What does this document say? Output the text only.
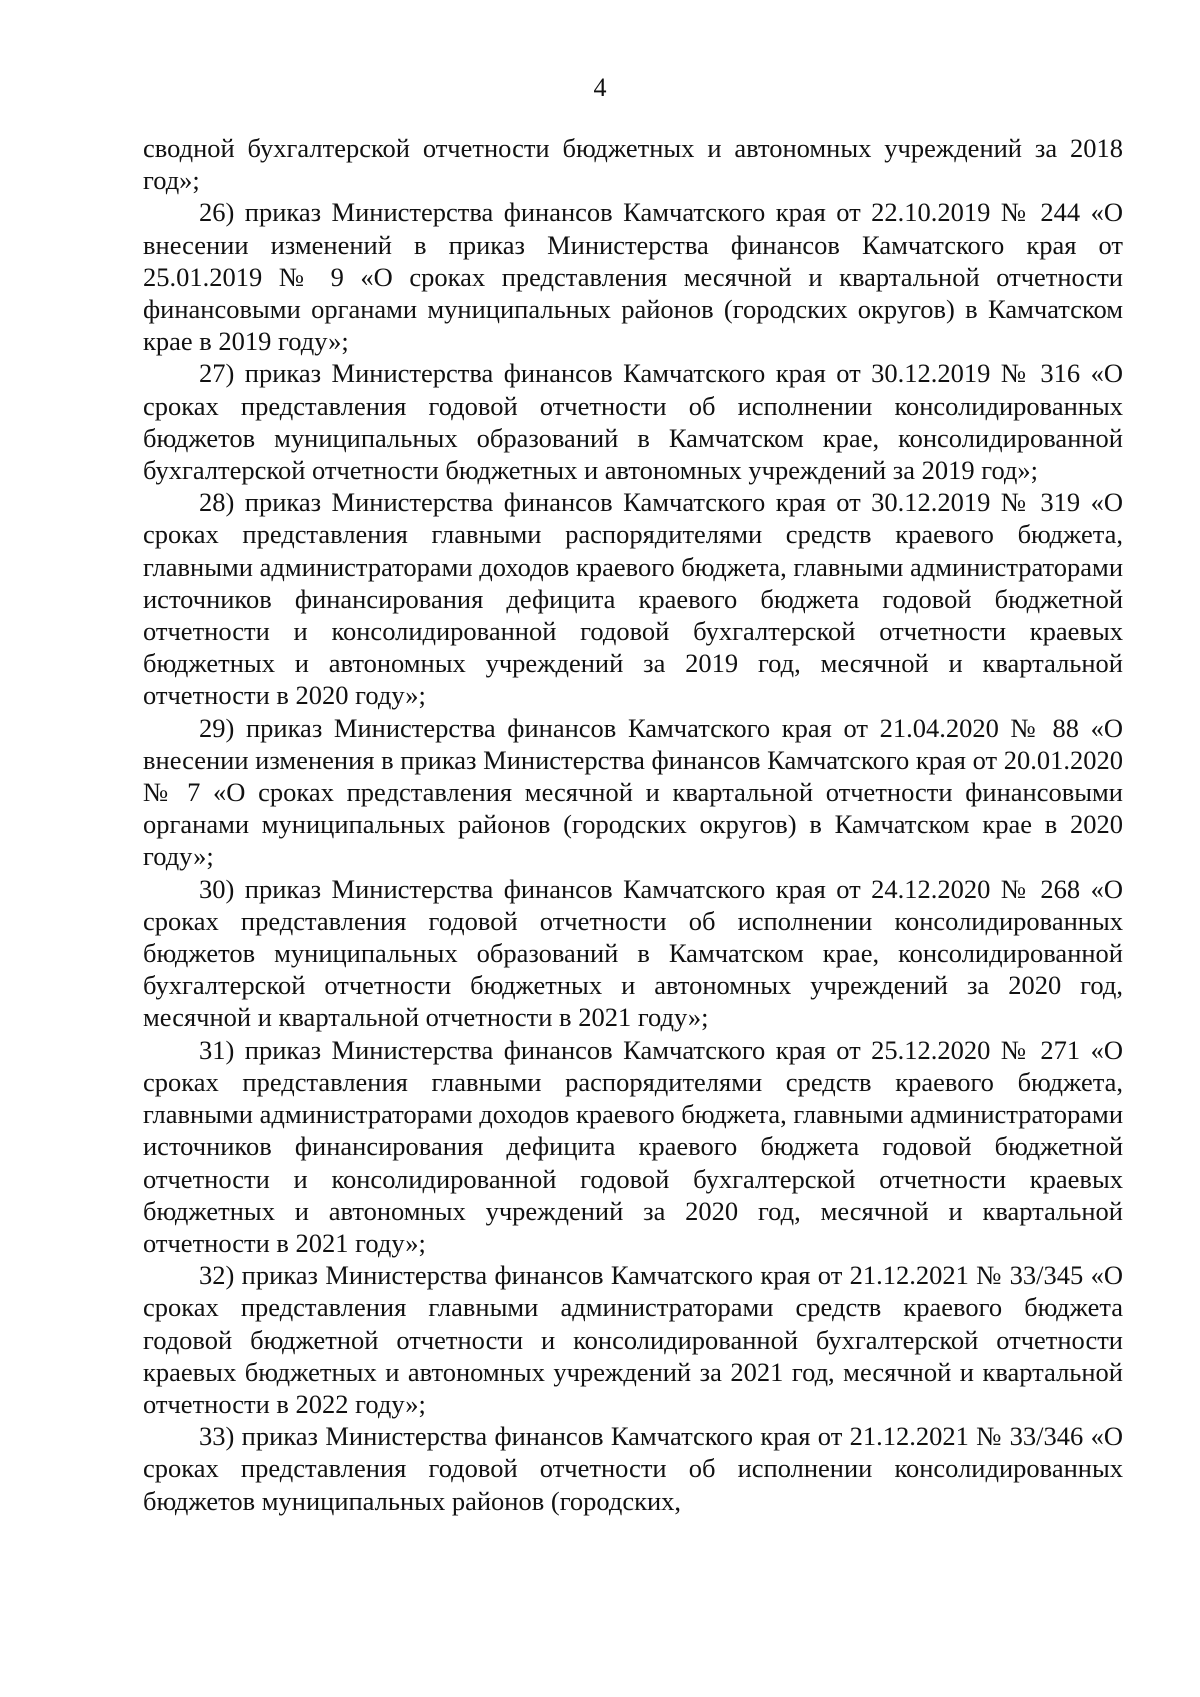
4

сводной бухгалтерской отчетности бюджетных и автономных учреждений за 2018 год»;

26) приказ Министерства финансов Камчатского края от 22.10.2019 № 244 «О внесении изменений в приказ Министерства финансов Камчатского края от 25.01.2019 № 9 «О сроках представления месячной и квартальной отчетности финансовыми органами муниципальных районов (городских округов) в Камчатском крае в 2019 году»;

27) приказ Министерства финансов Камчатского края от 30.12.2019 № 316 «О сроках представления годовой отчетности об исполнении консолидированных бюджетов муниципальных образований в Камчатском крае, консолидированной бухгалтерской отчетности бюджетных и автономных учреждений за 2019 год»;

28) приказ Министерства финансов Камчатского края от 30.12.2019 № 319 «О сроках представления главными распорядителями средств краевого бюджета, главными администраторами доходов краевого бюджета, главными администраторами источников финансирования дефицита краевого бюджета годовой бюджетной отчетности и консолидированной годовой бухгалтерской отчетности краевых бюджетных и автономных учреждений за 2019 год, месячной и квартальной отчетности в 2020 году»;

29) приказ Министерства финансов Камчатского края от 21.04.2020 № 88 «О внесении изменения в приказ Министерства финансов Камчатского края от 20.01.2020 № 7 «О сроках представления месячной и квартальной отчетности финансовыми органами муниципальных районов (городских округов) в Камчатском крае в 2020 году»;

30) приказ Министерства финансов Камчатского края от 24.12.2020 № 268 «О сроках представления годовой отчетности об исполнении консолидированных бюджетов муниципальных образований в Камчатском крае, консолидированной бухгалтерской отчетности бюджетных и автономных учреждений за 2020 год, месячной и квартальной отчетности в 2021 году»;

31) приказ Министерства финансов Камчатского края от 25.12.2020 № 271 «О сроках представления главными распорядителями средств краевого бюджета, главными администраторами доходов краевого бюджета, главными администраторами источников финансирования дефицита краевого бюджета годовой бюджетной отчетности и консолидированной годовой бухгалтерской отчетности краевых бюджетных и автономных учреждений за 2020 год, месячной и квартальной отчетности в 2021 году»;

32) приказ Министерства финансов Камчатского края от 21.12.2021 № 33/345 «О сроках представления главными администраторами средств краевого бюджета годовой бюджетной отчетности и консолидированной бухгалтерской отчетности краевых бюджетных и автономных учреждений за 2021 год, месячной и квартальной отчетности в 2022 году»;

33) приказ Министерства финансов Камчатского края от 21.12.2021 № 33/346 «О сроках представления годовой отчетности об исполнении консолидированных бюджетов муниципальных районов (городских,
